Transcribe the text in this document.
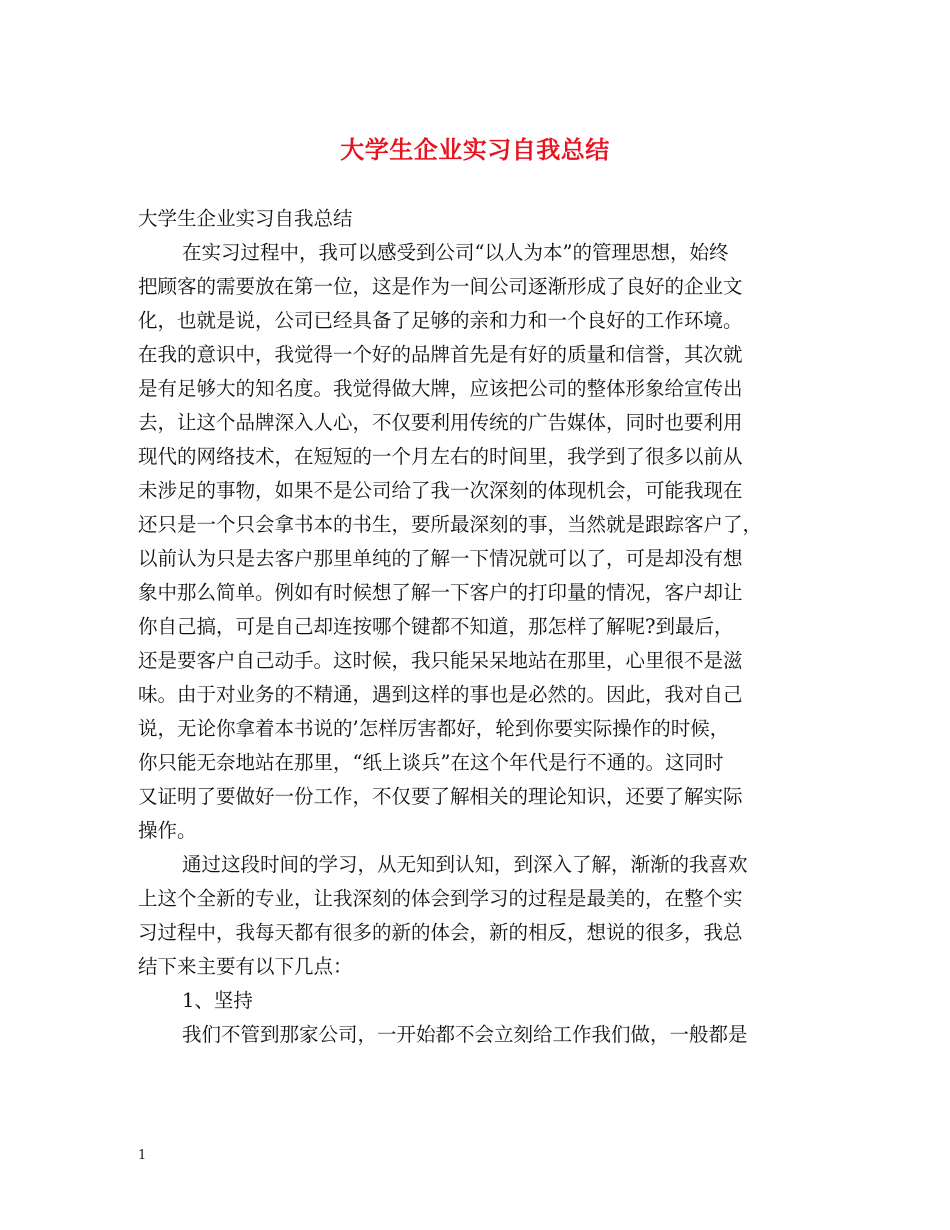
大学生企业实习自我总结
大学生企业实习自我总结
在实习过程中，我可以感受到公司“以人为本”的管理思想，始终
把顾客的需要放在第一位，这是作为一间公司逐渐形成了良好的企业文
化，也就是说，公司已经具备了足够的亲和力和一个良好的工作环境。
在我的意识中，我觉得一个好的品牌首先是有好的质量和信誉，其次就
是有足够大的知名度。我觉得做大牌，应该把公司的整体形象给宣传出
去，让这个品牌深入人心，不仅要利用传统的广告媒体，同时也要利用
现代的网络技术，在短短的一个月左右的时间里，我学到了很多以前从
未涉足的事物，如果不是公司给了我一次深刻的体现机会，可能我现在
还只是一个只会拿书本的书生，要所最深刻的事，当然就是跟踪客户了，
以前认为只是去客户那里单纯的了解一下情况就可以了，可是却没有想
象中那么简单。例如有时候想了解一下客户的打印量的情况，客户却让
你自己搞，可是自己却连按哪个键都不知道，那怎样了解呢?到最后，
还是要客户自己动手。这时候，我只能呆呆地站在那里，心里很不是滋
味。由于对业务的不精通，遇到这样的事也是必然的。因此，我对自己
说，无论你拿着本书说的’怎样厉害都好，轮到你要实际操作的时候，
你只能无奈地站在那里，“纸上谈兵”在这个年代是行不通的。这同时
又证明了要做好一份工作，不仅要了解相关的理论知识，还要了解实际
操作。
通过这段时间的学习，从无知到认知，到深入了解，渐渐的我喜欢
上这个全新的专业，让我深刻的体会到学习的过程是最美的，在整个实
习过程中，我每天都有很多的新的体会，新的相反，想说的很多，我总
结下来主要有以下几点：
1、坚持
我们不管到那家公司，一开始都不会立刻给工作我们做，一般都是
1
